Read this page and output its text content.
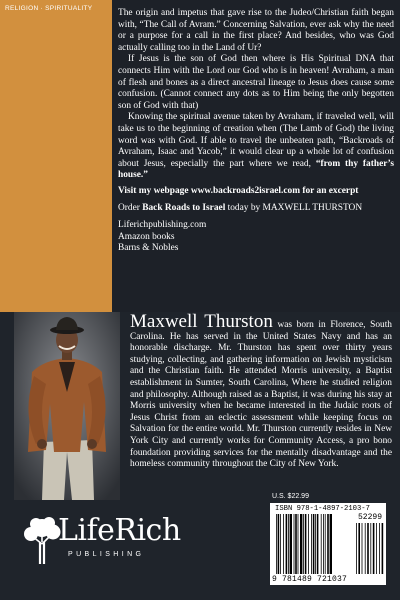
RELIGION · SPIRITUALITY	The origin and impetus that gave rise to the Judeo/Christian faith began with, “The Call of Avram.” Concerning Salvation, ever ask why the need or a purpose for a call in the first place? And besides, who was God actually calling too in the Land of Ur?

If Jesus is the son of God then where is His Spiritual DNA that connects Him with the Lord our God who is in heaven! Avraham, a man of flesh and bones as a direct ancestral lineage to Jesus does cause some confusion. (Cannot connect any dots as to Him being the only begotten son of God with that)

Knowing the spiritual avenue taken by Avraham, if traveled well, will take us to the beginning of creation when (The Lamb of God) the living word was with God. If able to travel the unbeaten path, “Backroads of Avraham, Isaac and Yacob,” it would clear up a whole lot of confusion about Jesus, especially the part where we read, “from thy father’s house.”

Visit my webpage www.backroads2israel.com for an excerpt

Order Back Roads to Israel today by MAXWELL THURSTON

Liferichpublishing.com
Amazon books
Barns & Nobles
Maxwell Thurston was born in Florence, South Carolina. He has served in the United States Navy and has an honorable discharge. Mr. Thurston has spent over thirty years studying, collecting, and gathering information on Jewish mysticism and the Christian faith. He attended Morris university, a Baptist establishment in Sumter, South Carolina, Where he studied religion and philosophy. Although raised as a Baptist, it was during his stay at Morris university when he became interested in the Judaic roots of Jesus Christ from an eclectic assessment while keeping focus on Salvation for the entire world. Mr. Thurston currently resides in New York City and currently works for Community Access, a pro bono foundation providing services for the mentally disadvantage and the homeless community throughout the City of New York.
LifeRich
PUBLISHING
U.S. $22.99
ISBN 978-1-4897-2103-7
52299
9 781489 721037
